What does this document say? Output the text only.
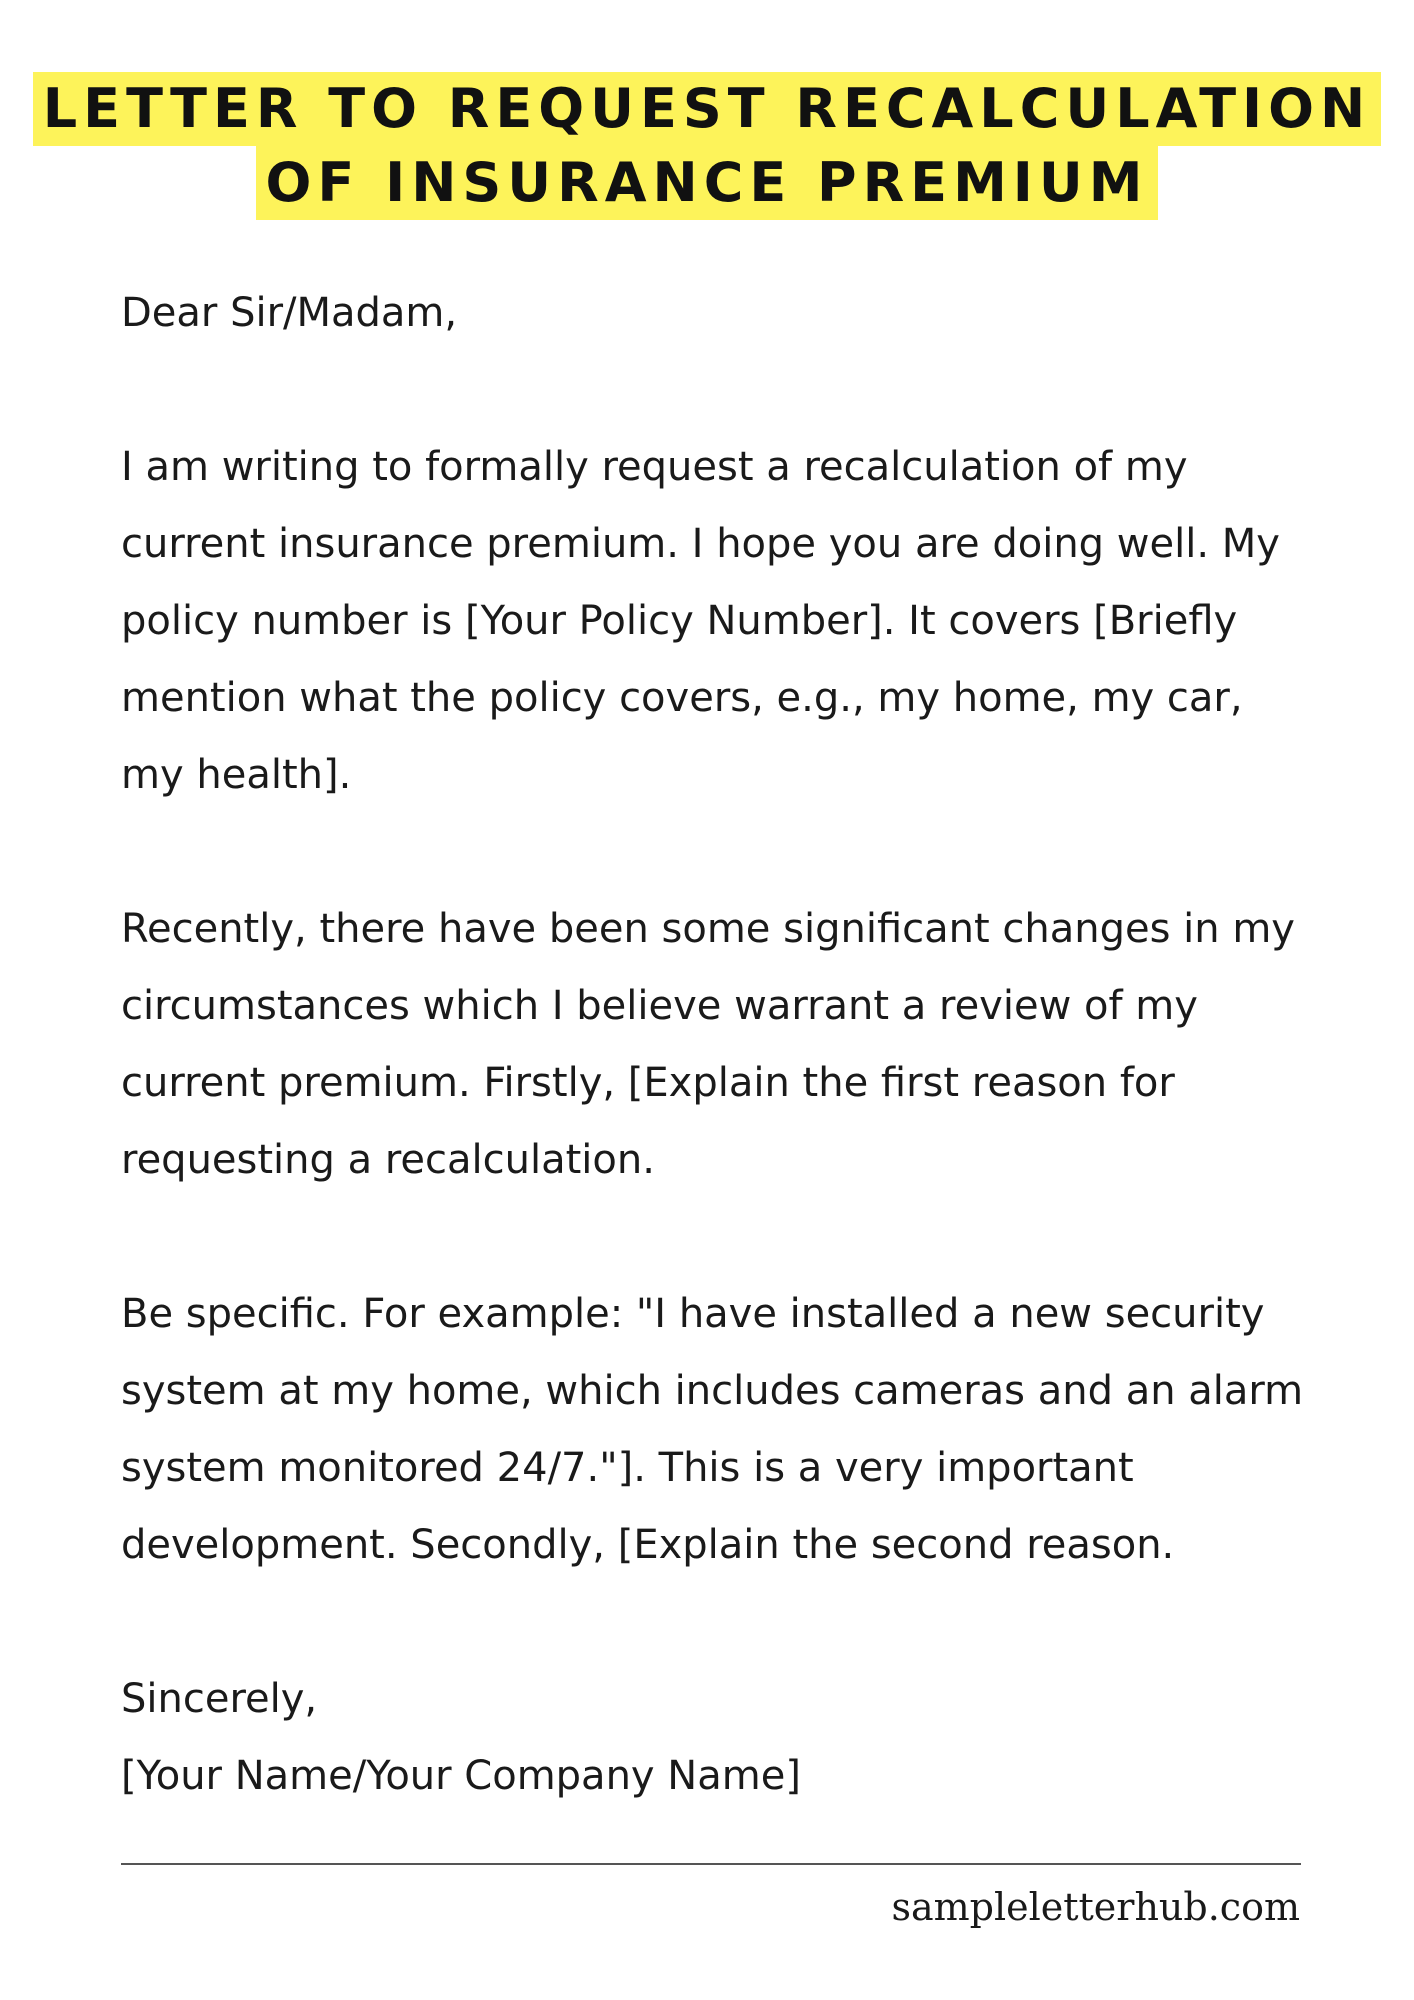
LETTER TO REQUEST RECALCULATION
OF INSURANCE PREMIUM
Dear Sir/Madam,
I am writing to formally request a recalculation of my
current insurance premium. I hope you are doing well. My
policy number is [Your Policy Number]. It covers [Briefly
mention what the policy covers, e.g., my home, my car,
my health].
Recently, there have been some significant changes in my
circumstances which I believe warrant a review of my
current premium. Firstly, [Explain the first reason for
requesting a recalculation.
Be specific. For example: "I have installed a new security
system at my home, which includes cameras and an alarm
system monitored 24/7."]. This is a very important
development. Secondly, [Explain the second reason.
Sincerely,
[Your Name/Your Company Name]
sampleletterhub.com
